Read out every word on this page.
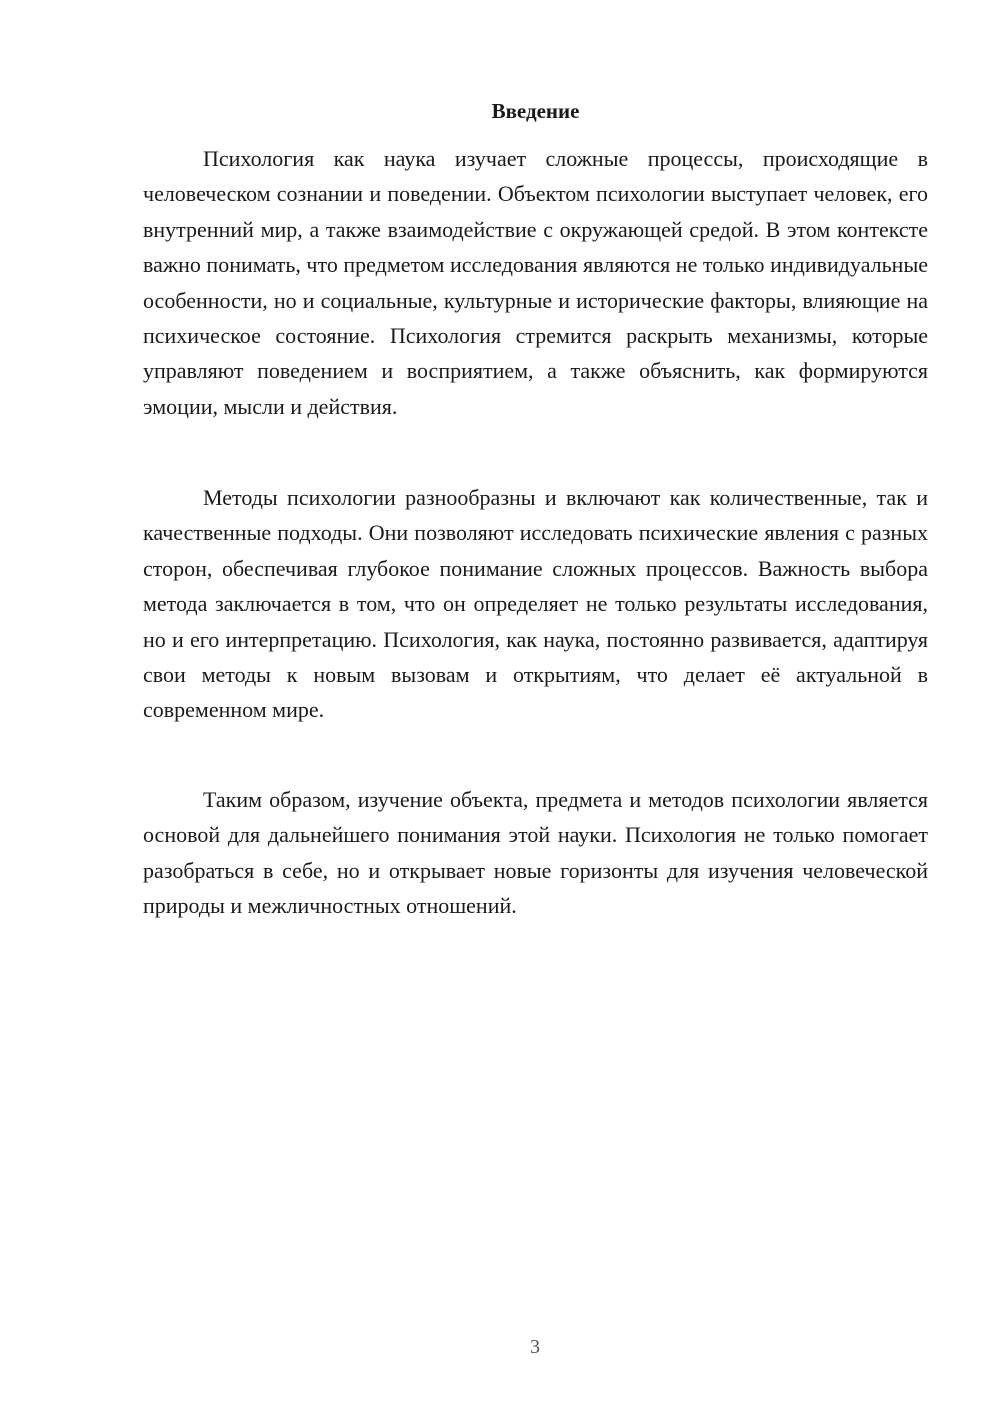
Введение

Психология как наука изучает сложные процессы, происходящие в человеческом сознании и поведении. Объектом психологии выступает человек, его внутренний мир, а также взаимодействие с окружающей средой. В этом контексте важно понимать, что предметом исследования являются не только индивидуальные особенности, но и социальные, культурные и исторические факторы, влияющие на психическое состояние. Психология стремится раскрыть механизмы, которые управляют поведением и восприятием, а также объяснить, как формируются эмоции, мысли и действия.

Методы психологии разнообразны и включают как количественные, так и качественные подходы. Они позволяют исследовать психические явления с разных сторон, обеспечивая глубокое понимание сложных процессов. Важность выбора метода заключается в том, что он определяет не только результаты исследования, но и его интерпретацию. Психология, как наука, постоянно развивается, адаптируя свои методы к новым вызовам и открытиям, что делает её актуальной в современном мире.

Таким образом, изучение объекта, предмета и методов психологии является основой для дальнейшего понимания этой науки. Психология не только помогает разобраться в себе, но и открывает новые горизонты для изучения человеческой природы и межличностных отношений.

3
